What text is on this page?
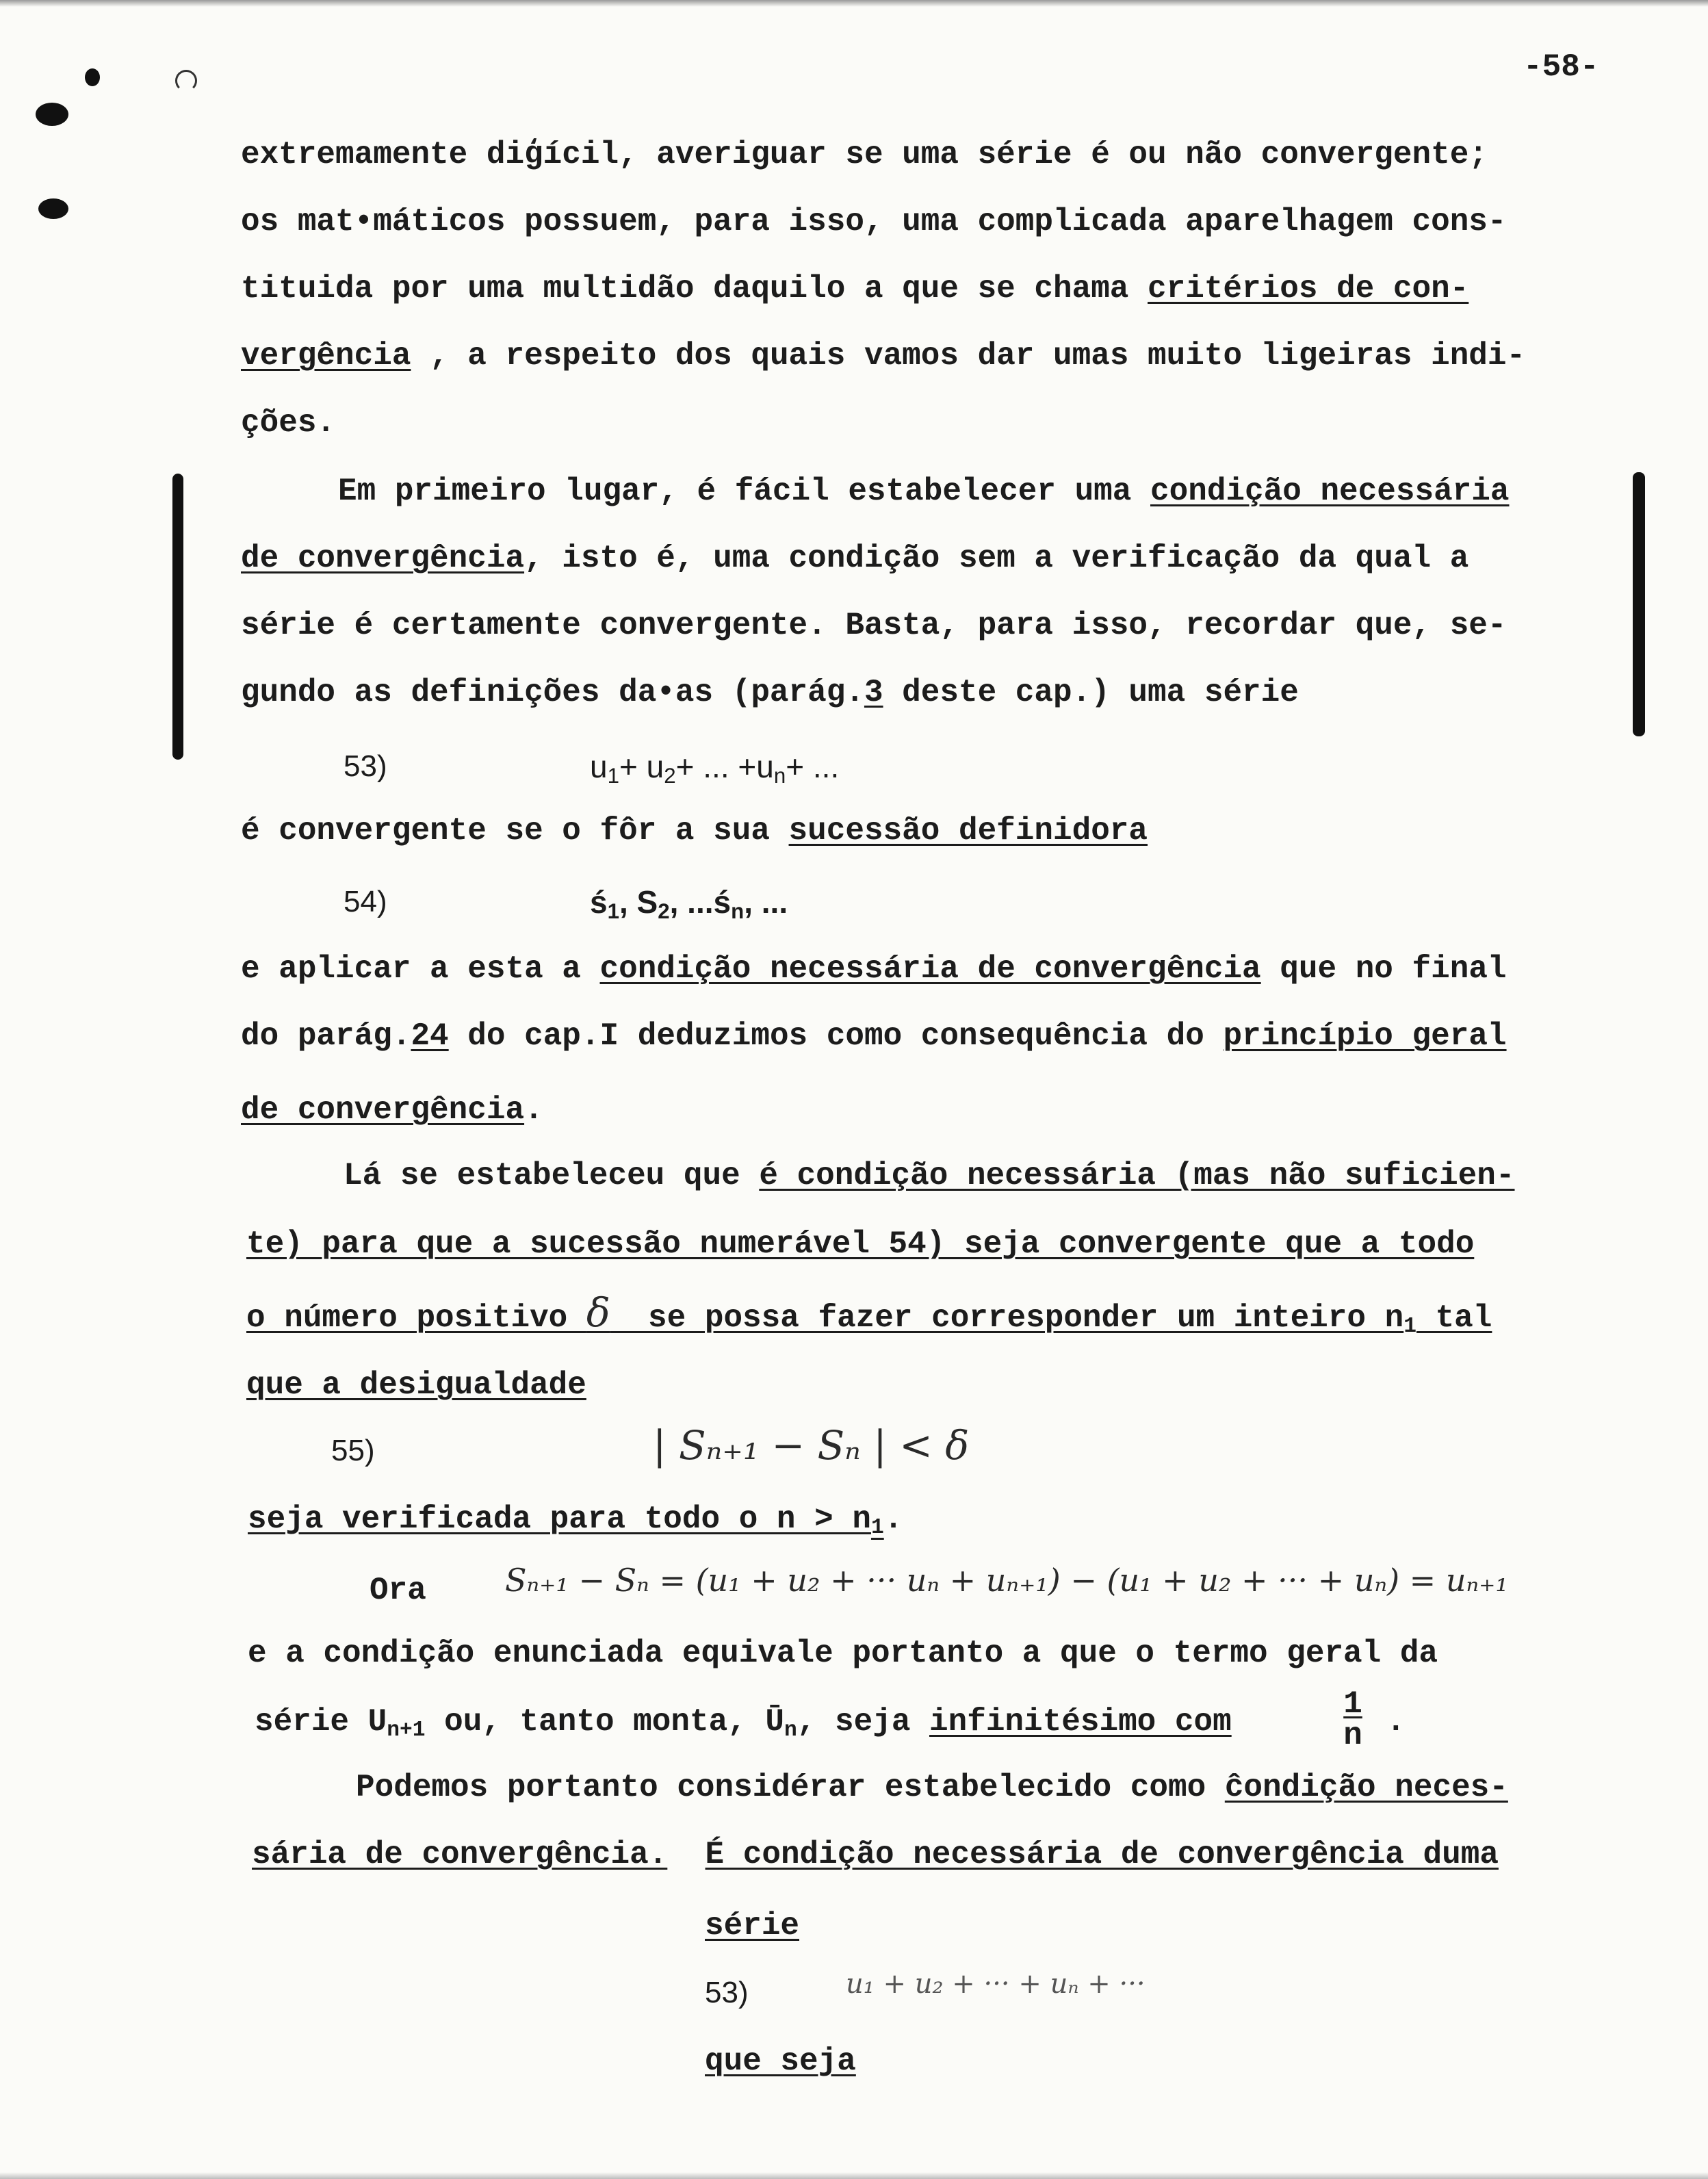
-58-
extremamente diģícil, averiguar se uma série é ou não convergente;
os mat•máticos possuem, para isso, uma complicada aparelhagem cons-
tituida por uma multidão daquilo a que se chama critérios de con-
vergência , a respeito dos quais vamos dar umas muito ligeiras indi-
ções.
Em primeiro lugar, é fácil estabelecer uma condição necessária
de convergência, isto é, uma condição sem a verificação da qual a
série é certamente convergente. Basta, para isso, recordar que, se-
gundo as definições da•as (parág.3 deste cap.) uma série
53)	$u_1+ u_2+$ ... $+u_n+$ ...
é convergente se o fôr a sua sucessão definidora
54)	$ś_1$, $S_2$, $...ś_n$, ...
e aplicar a esta a condição necessária de convergência que no final
do parág.24 do cap.I deduzimos como consequência do princípio geral
de convergência.
Lá se estabeleceu que é condição necessária (mas não suficien-
te) para que a sucessão numerável 54) seja convergente que a todo
o número positivo δ  se possa fazer corresponder um inteiro $n_1$ tal
que a desigualdade
55)	| Sₙ₊₁ − Sₙ | < δ
seja verificada para todo o $n > n_1$.
Ora	Sₙ₊₁ − Sₙ = (u₁ + u₂ + ··· uₙ + uₙ₊₁) − (u₁ + u₂ + ··· + uₙ) = uₙ₊₁
e a condição enunciada equivale portanto a que o termo geral da
série $U_{n+1}$ ou, tanto monta, $Ū_n$, seja infinitésimo com	$\frac{1}{n}$ .
Podemos portanto considérar estabelecido como ĉondição neces-
sária de convergência. É condição necessária de convergência duma
série
53)	u₁ + u₂ + ··· + uₙ + ···
que seja
